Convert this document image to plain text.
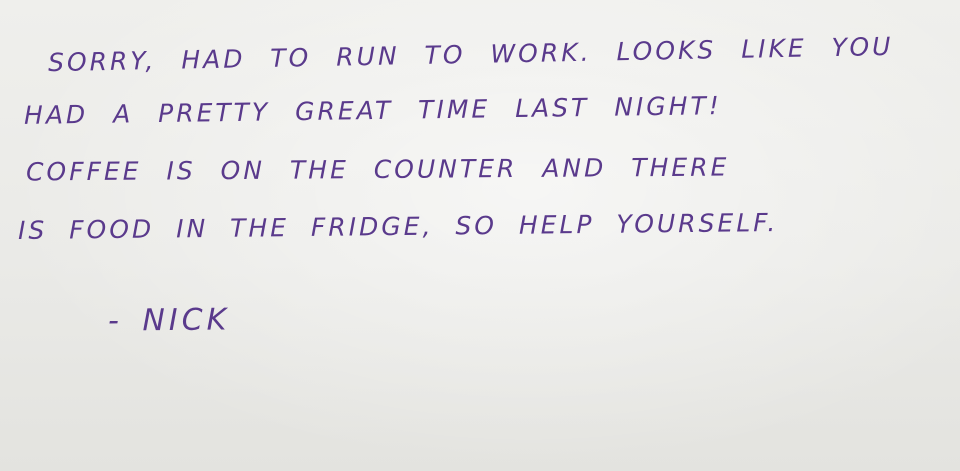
SORRY, HAD TO RUN TO WORK. LOOKS LIKE YOU

HAD A PRETTY GREAT TIME LAST NIGHT!

COFFEE IS ON THE COUNTER AND THERE

IS FOOD IN THE FRIDGE, SO HELP YOURSELF.

- NICK
